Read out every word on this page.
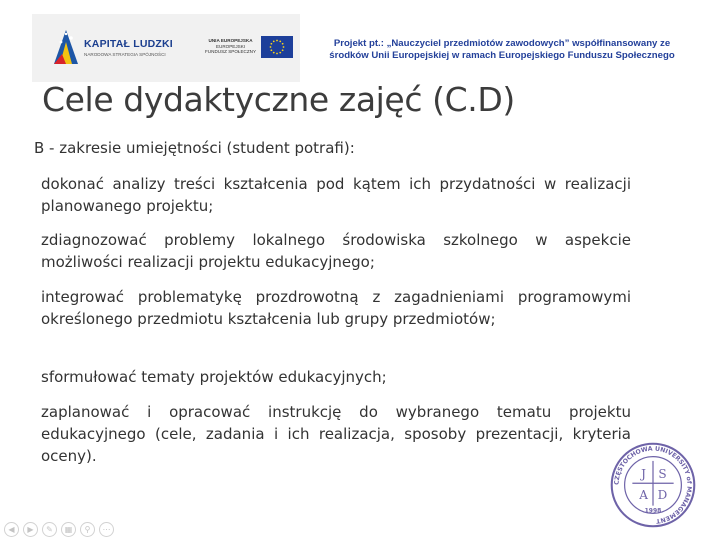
KAPITAŁ LUDZKI
NARODOWA STRATEGIA SPÓJNOŚCI
UNIA EUROPEJSKA
EUROPEJSKI
FUNDUSZ SPOŁECZNY
Projekt pt.: „Nauczyciel przedmiotów zawodowych” współfinansowany ze
środków Unii Europejskiej w ramach Europejskiego Funduszu Społecznego
Cele dydaktyczne zajęć (C.D)
B - zakresie umiejętności (student potrafi):
dokonać analizy treści kształcenia pod kątem ich przydatności w realizacji planowanego projektu;
zdiagnozować problemy lokalnego środowiska szkolnego w aspekcie możliwości realizacji projektu edukacyjnego;
integrować problematykę prozdrowotną z zagadnieniami programowymi określonego przedmiotu kształcenia lub grupy przedmiotów;
sformułować tematy projektów edukacyjnych;
zaplanować i opracować instrukcję do wybranego tematu projektu edukacyjnego (cele, zadania i ich realizacja, sposoby prezentacji, kryteria oceny).
CZĘSTOCHOWA UNIVERSITY of MANAGEMENT
J S
A D
1998
◀	▶	✎	▦	⚲	⋯
